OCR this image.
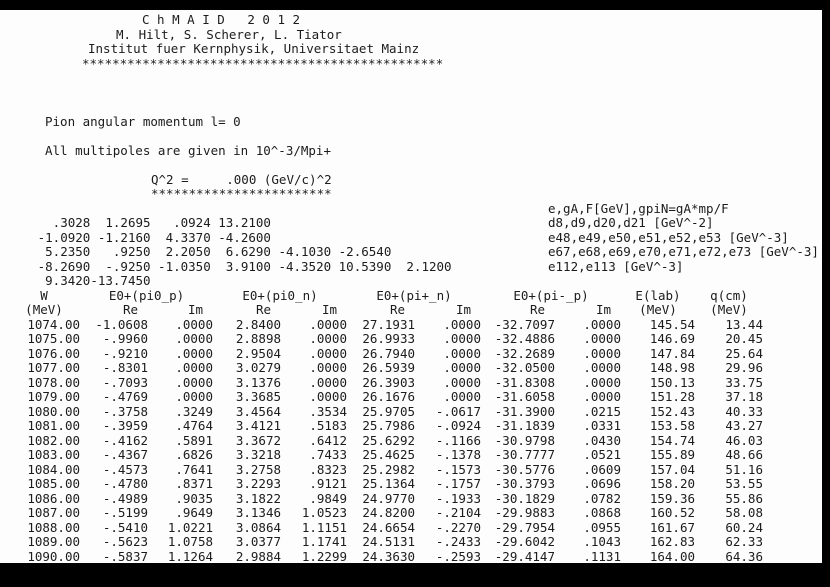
C h M A I D   2 0 1 2
M. Hilt, S. Scherer, L. Tiator
Institut fuer Kernphysik, Universitaet Mainz
************************************************
Pion angular momentum l= 0
All multipoles are given in 10^-3/Mpi+
Q^2 =     .000 (GeV/c)^2
************************

.3028  1.2695   .0924 13.2100

e,gA,F[GeV],gpiN=gA*mp/F

-1.0920 -1.2160  4.3370 -4.2600

d8,d9,d20,d21 [GeV^-2]

5.2350   .9250  2.2050  6.6290 -4.1030 -2.6540

e48,e49,e50,e51,e52,e53 [GeV^-3]

-8.2690  -.9250 -1.0350  3.9100 -4.3520 10.5390  2.1200

e67,e68,e69,e70,e71,e72,e73 [GeV^-3]

9.3420-13.7450

e112,e113 [GeV^-3]

W	E0+(pi0_p)		E0+(pi0_n)		E0+(pi+_n)		E0+(pi-_p)		E(lab)	q(cm)
(MeV)	Re	Im	Re	Im	Re	Im	Re	Im	(MeV)	(MeV)
1074.00	-1.0608	.0000	2.8400	.0000	27.1931	.0000	-32.7097	.0000	145.54	13.44
1075.00	-.9960	.0000	2.8898	.0000	26.9933	.0000	-32.4886	.0000	146.69	20.45
1076.00	-.9210	.0000	2.9504	.0000	26.7940	.0000	-32.2689	.0000	147.84	25.64
1077.00	-.8301	.0000	3.0279	.0000	26.5939	.0000	-32.0500	.0000	148.98	29.96
1078.00	-.7093	.0000	3.1376	.0000	26.3903	.0000	-31.8308	.0000	150.13	33.75
1079.00	-.4769	.0000	3.3685	.0000	26.1676	.0000	-31.6058	.0000	151.28	37.18
1080.00	-.3758	.3249	3.4564	.3534	25.9705	-.0617	-31.3900	.0215	152.43	40.33
1081.00	-.3959	.4764	3.4121	.5183	25.7986	-.0924	-31.1839	.0331	153.58	43.27
1082.00	-.4162	.5891	3.3672	.6412	25.6292	-.1166	-30.9798	.0430	154.74	46.03
1083.00	-.4367	.6826	3.3218	.7433	25.4625	-.1378	-30.7777	.0521	155.89	48.66
1084.00	-.4573	.7641	3.2758	.8323	25.2982	-.1573	-30.5776	.0609	157.04	51.16
1085.00	-.4780	.8371	3.2293	.9121	25.1364	-.1757	-30.3793	.0696	158.20	53.55
1086.00	-.4989	.9035	3.1822	.9849	24.9770	-.1933	-30.1829	.0782	159.36	55.86
1087.00	-.5199	.9649	3.1346	1.0523	24.8200	-.2104	-29.9883	.0868	160.52	58.08
1088.00	-.5410	1.0221	3.0864	1.1151	24.6654	-.2270	-29.7954	.0955	161.67	60.24
1089.00	-.5623	1.0758	3.0377	1.1741	24.5131	-.2433	-29.6042	.1043	162.83	62.33
1090.00	-.5837	1.1264	2.9884	1.2299	24.3630	-.2593	-29.4147	.1131	164.00	64.36
